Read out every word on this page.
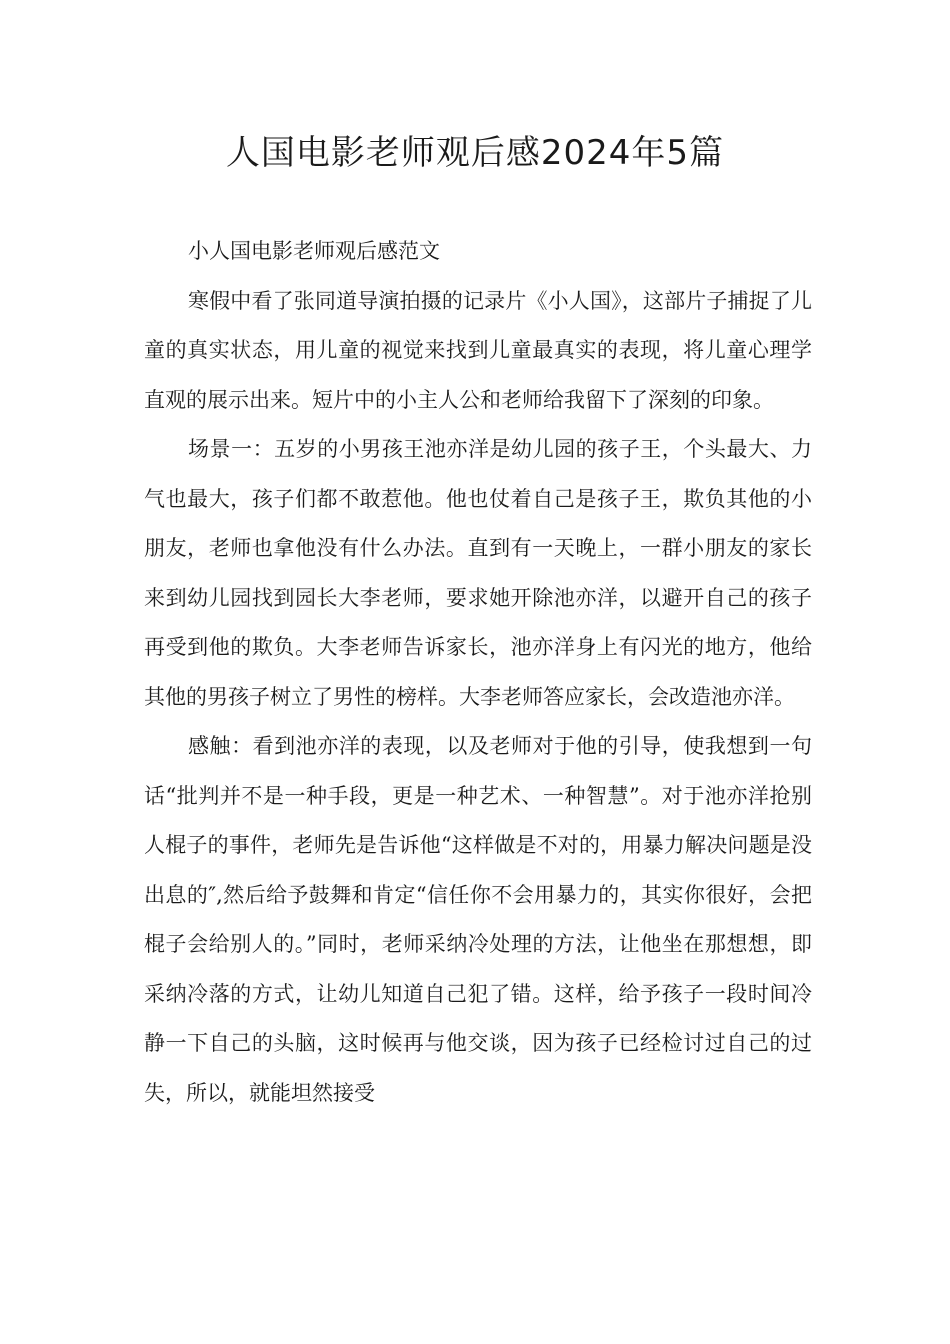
人国电影老师观后感2024年5篇

小人国电影老师观后感范文

寒假中看了张同道导演拍摄的记录片《小人国》，这部片子捕捉了儿童的真实状态，用儿童的视觉来找到儿童最真实的表现，将儿童心理学直观的展示出来。短片中的小主人公和老师给我留下了深刻的印象。

场景一：五岁的小男孩王池亦洋是幼儿园的孩子王，个头最大、力气也最大，孩子们都不敢惹他。他也仗着自己是孩子王，欺负其他的小朋友，老师也拿他没有什么办法。直到有一天晚上，一群小朋友的家长来到幼儿园找到园长大李老师，要求她开除池亦洋，以避开自己的孩子再受到他的欺负。大李老师告诉家长，池亦洋身上有闪光的地方，他给其他的男孩子树立了男性的榜样。大李老师答应家长，会改造池亦洋。

感触：看到池亦洋的表现，以及老师对于他的引导，使我想到一句话“批判并不是一种手段，更是一种艺术、一种智慧”。对于池亦洋抢别人棍子的事件，老师先是告诉他“这样做是不对的，用暴力解决问题是没出息的″,然后给予鼓舞和肯定“信任你不会用暴力的，其实你很好，会把棍子会给别人的。”同时，老师采纳冷处理的方法，让他坐在那想想，即采纳冷落的方式，让幼儿知道自己犯了错。这样，给予孩子一段时间冷静一下自己的头脑，这时候再与他交谈，因为孩子已经检讨过自己的过失，所以，就能坦然接受
